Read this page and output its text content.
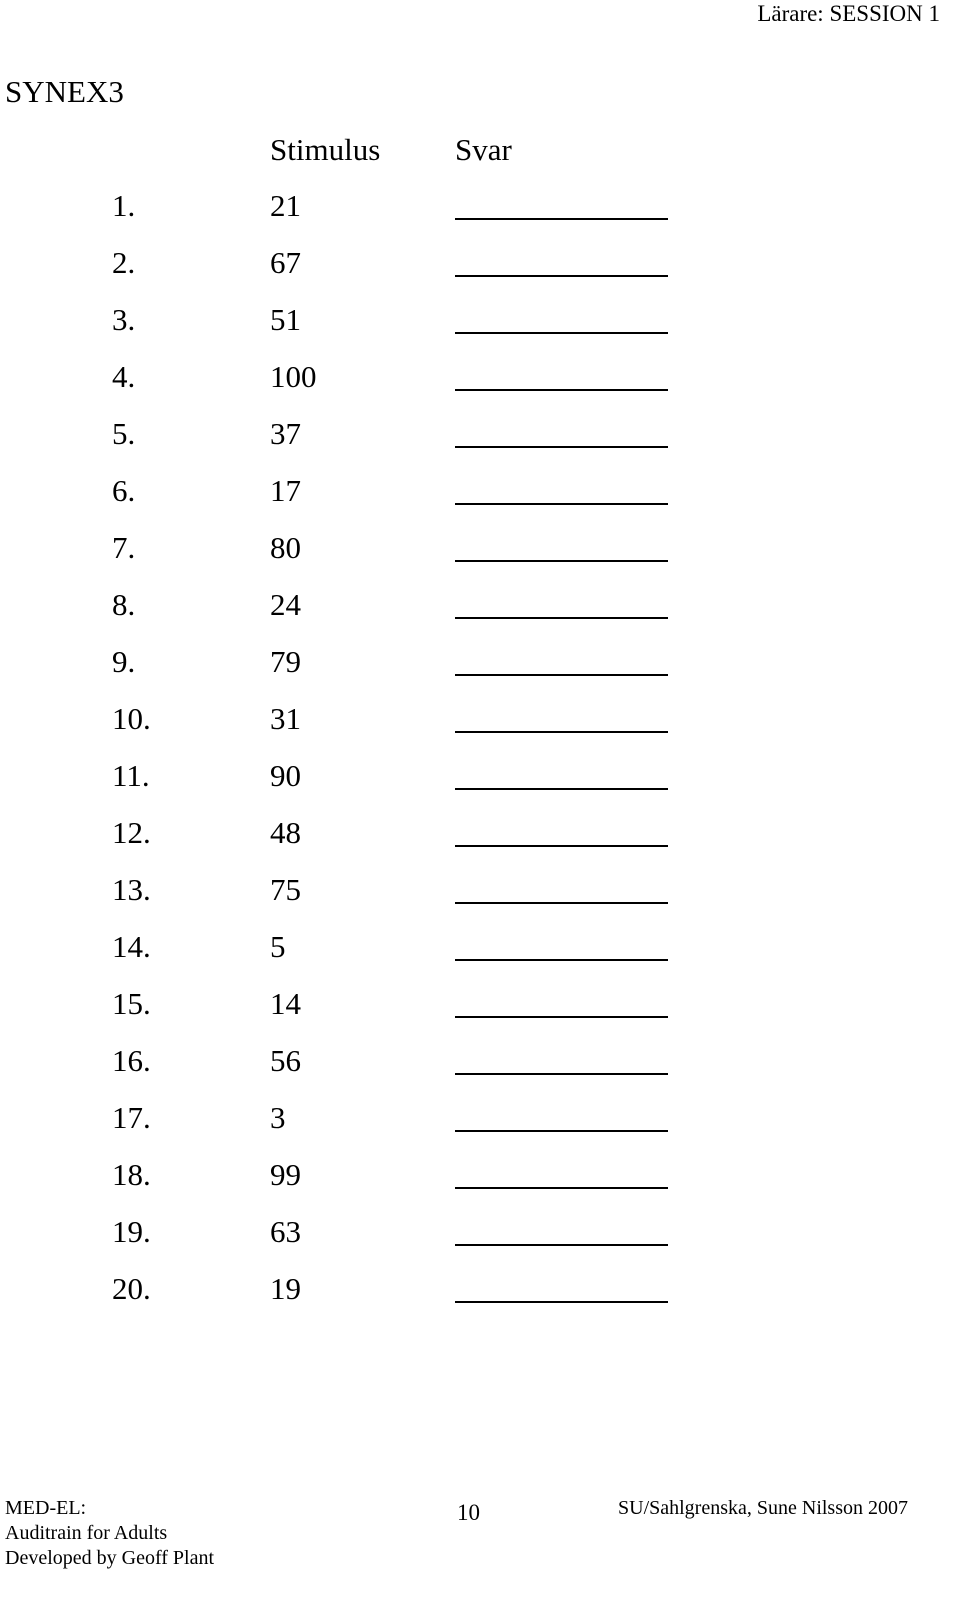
Lärare: SESSION 1
SYNEX3
Stimulus Svar
1.	21
2.	67
3.	51
4.	100
5.	37
6.	17
7.	80
8.	24
9.	79
10.	31
11.	90
12.	48
13.	75
14.	5
15.	14
16.	56
17.	3
18.	99
19.	63
20.	19
MED-EL:
Auditrain for Adults
Developed by Geoff Plant
10	SU/Sahlgrenska, Sune Nilsson 2007
